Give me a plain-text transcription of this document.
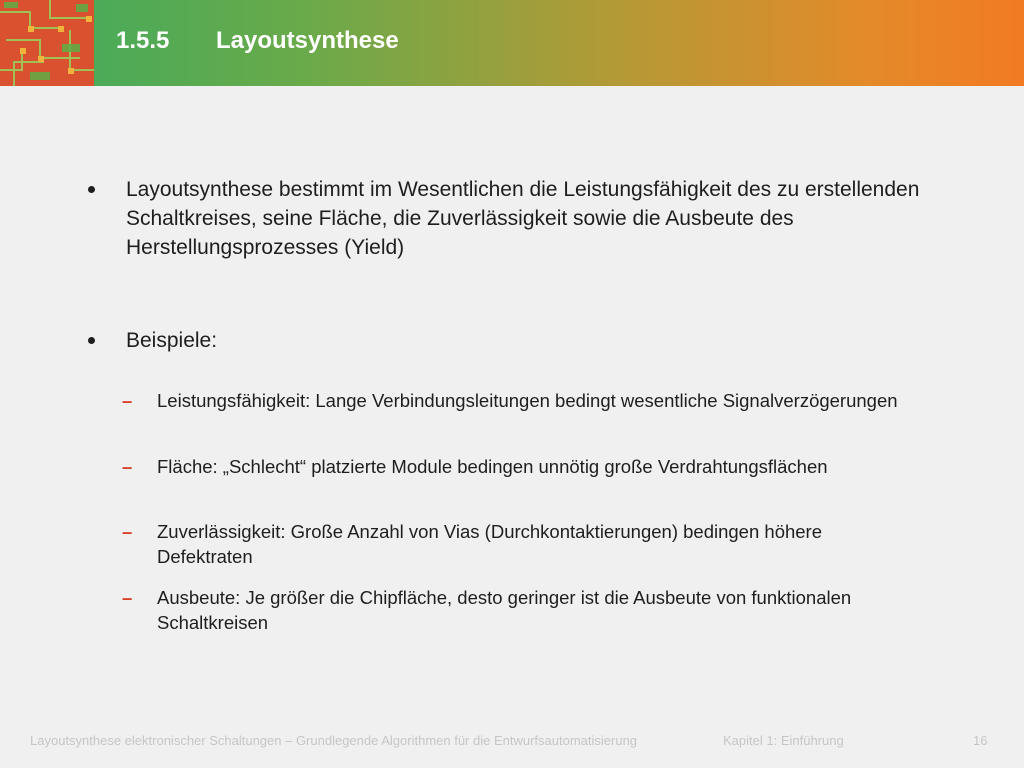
1.5.5 Layoutsynthese
Layoutsynthese bestimmt im Wesentlichen die Leistungsfähigkeit des zu erstellenden Schaltkreises, seine Fläche, die Zuverlässigkeit sowie die Ausbeute des Herstellungsprozesses (Yield)
Beispiele:
– Leistungsfähigkeit: Lange Verbindungsleitungen bedingt wesentliche Signalverzögerungen
– Fläche: „Schlecht“ platzierte Module bedingen unnötig große Verdrahtungsflächen
– Zuverlässigkeit: Große Anzahl von Vias (Durchkontaktierungen) bedingen höhere Defektraten
– Ausbeute: Je größer die Chipfläche, desto geringer ist die Ausbeute von funktionalen Schaltkreisen
Layoutsynthese elektronischer Schaltungen – Grundlegende Algorithmen für die Entwurfsautomatisierung	Kapitel 1: Einführung	16
